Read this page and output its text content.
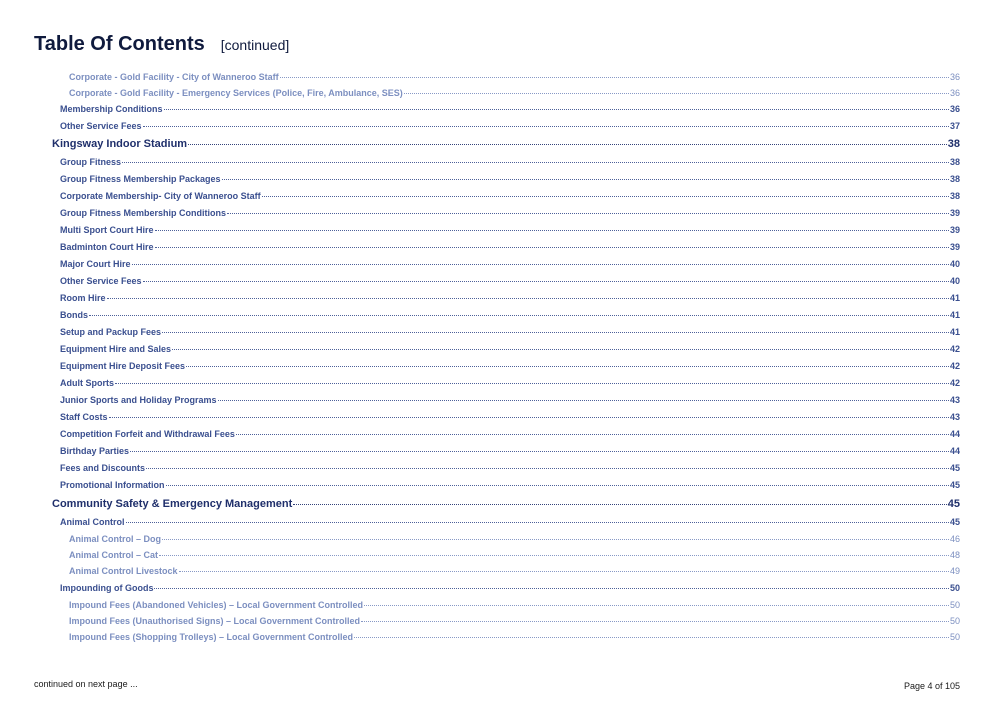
Table Of Contents [continued]
Corporate - Gold Facility - City of Wanneroo Staff	36
Corporate - Gold Facility - Emergency Services (Police, Fire, Ambulance, SES)	36
Membership Conditions	36
Other Service Fees	37
Kingsway Indoor Stadium	38
Group Fitness	38
Group Fitness Membership Packages	38
Corporate Membership- City of Wanneroo Staff	38
Group Fitness Membership Conditions	39
Multi Sport Court Hire	39
Badminton Court Hire	39
Major Court Hire	40
Other Service Fees	40
Room Hire	41
Bonds	41
Setup and Packup Fees	41
Equipment Hire and Sales	42
Equipment Hire Deposit Fees	42
Adult Sports	42
Junior Sports and Holiday Programs	43
Staff Costs	43
Competition Forfeit and Withdrawal Fees	44
Birthday Parties	44
Fees and Discounts	45
Promotional Information	45
Community Safety & Emergency Management	45
Animal Control	45
Animal Control – Dog	46
Animal Control – Cat	48
Animal Control Livestock	49
Impounding of Goods	50
Impound Fees (Abandoned Vehicles) – Local Government Controlled	50
Impound Fees (Unauthorised Signs) – Local Government Controlled	50
Impound Fees (Shopping Trolleys) – Local Government Controlled	50
continued on next page ...	Page 4 of 105
